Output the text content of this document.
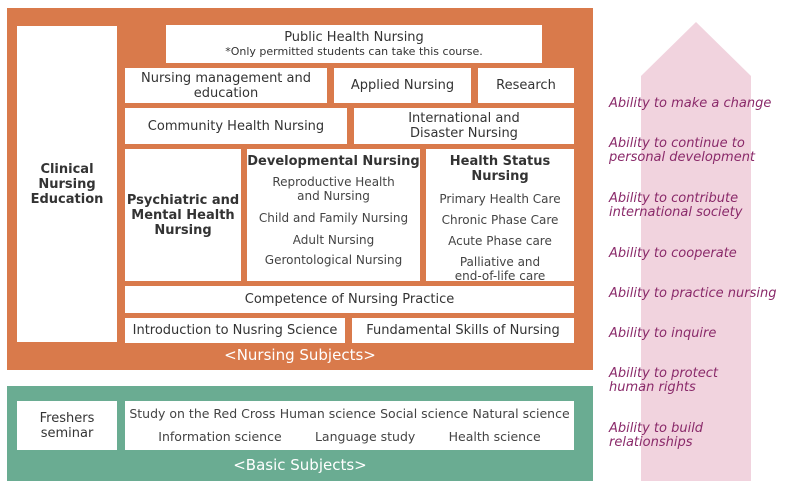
Clinical
Nursing
Education
Public Health Nursing
*Only permitted students can take this course.
Nursing management and
education	Applied Nursing	Research
Community Health Nursing	International and
Disaster Nursing
Psychiatric and
Mental Health
Nursing
Developmental Nursing
Reproductive Health
and Nursing
Child and Family Nursing
Adult Nursing
Gerontological Nursing
Health Status Nursing
Primary Health Care
Chronic Phase Care
Acute Phase care
Palliative and
end-of-life care
Competence of Nursing Practice
Introduction to Nusring Science	Fundamental Skills of Nursing
<Nursing Subjects>
Freshers
seminar
Study on the Red Cross Human science Social science Natural science
Information science	Language study	Health science
<Basic Subjects>
Ability to make a change
Ability to continue to
personal development
Ability to contribute
international society
Ability to cooperate
Ability to practice nursing
Ability to inquire
Ability to protect
human rights
Ability to build
relationships
